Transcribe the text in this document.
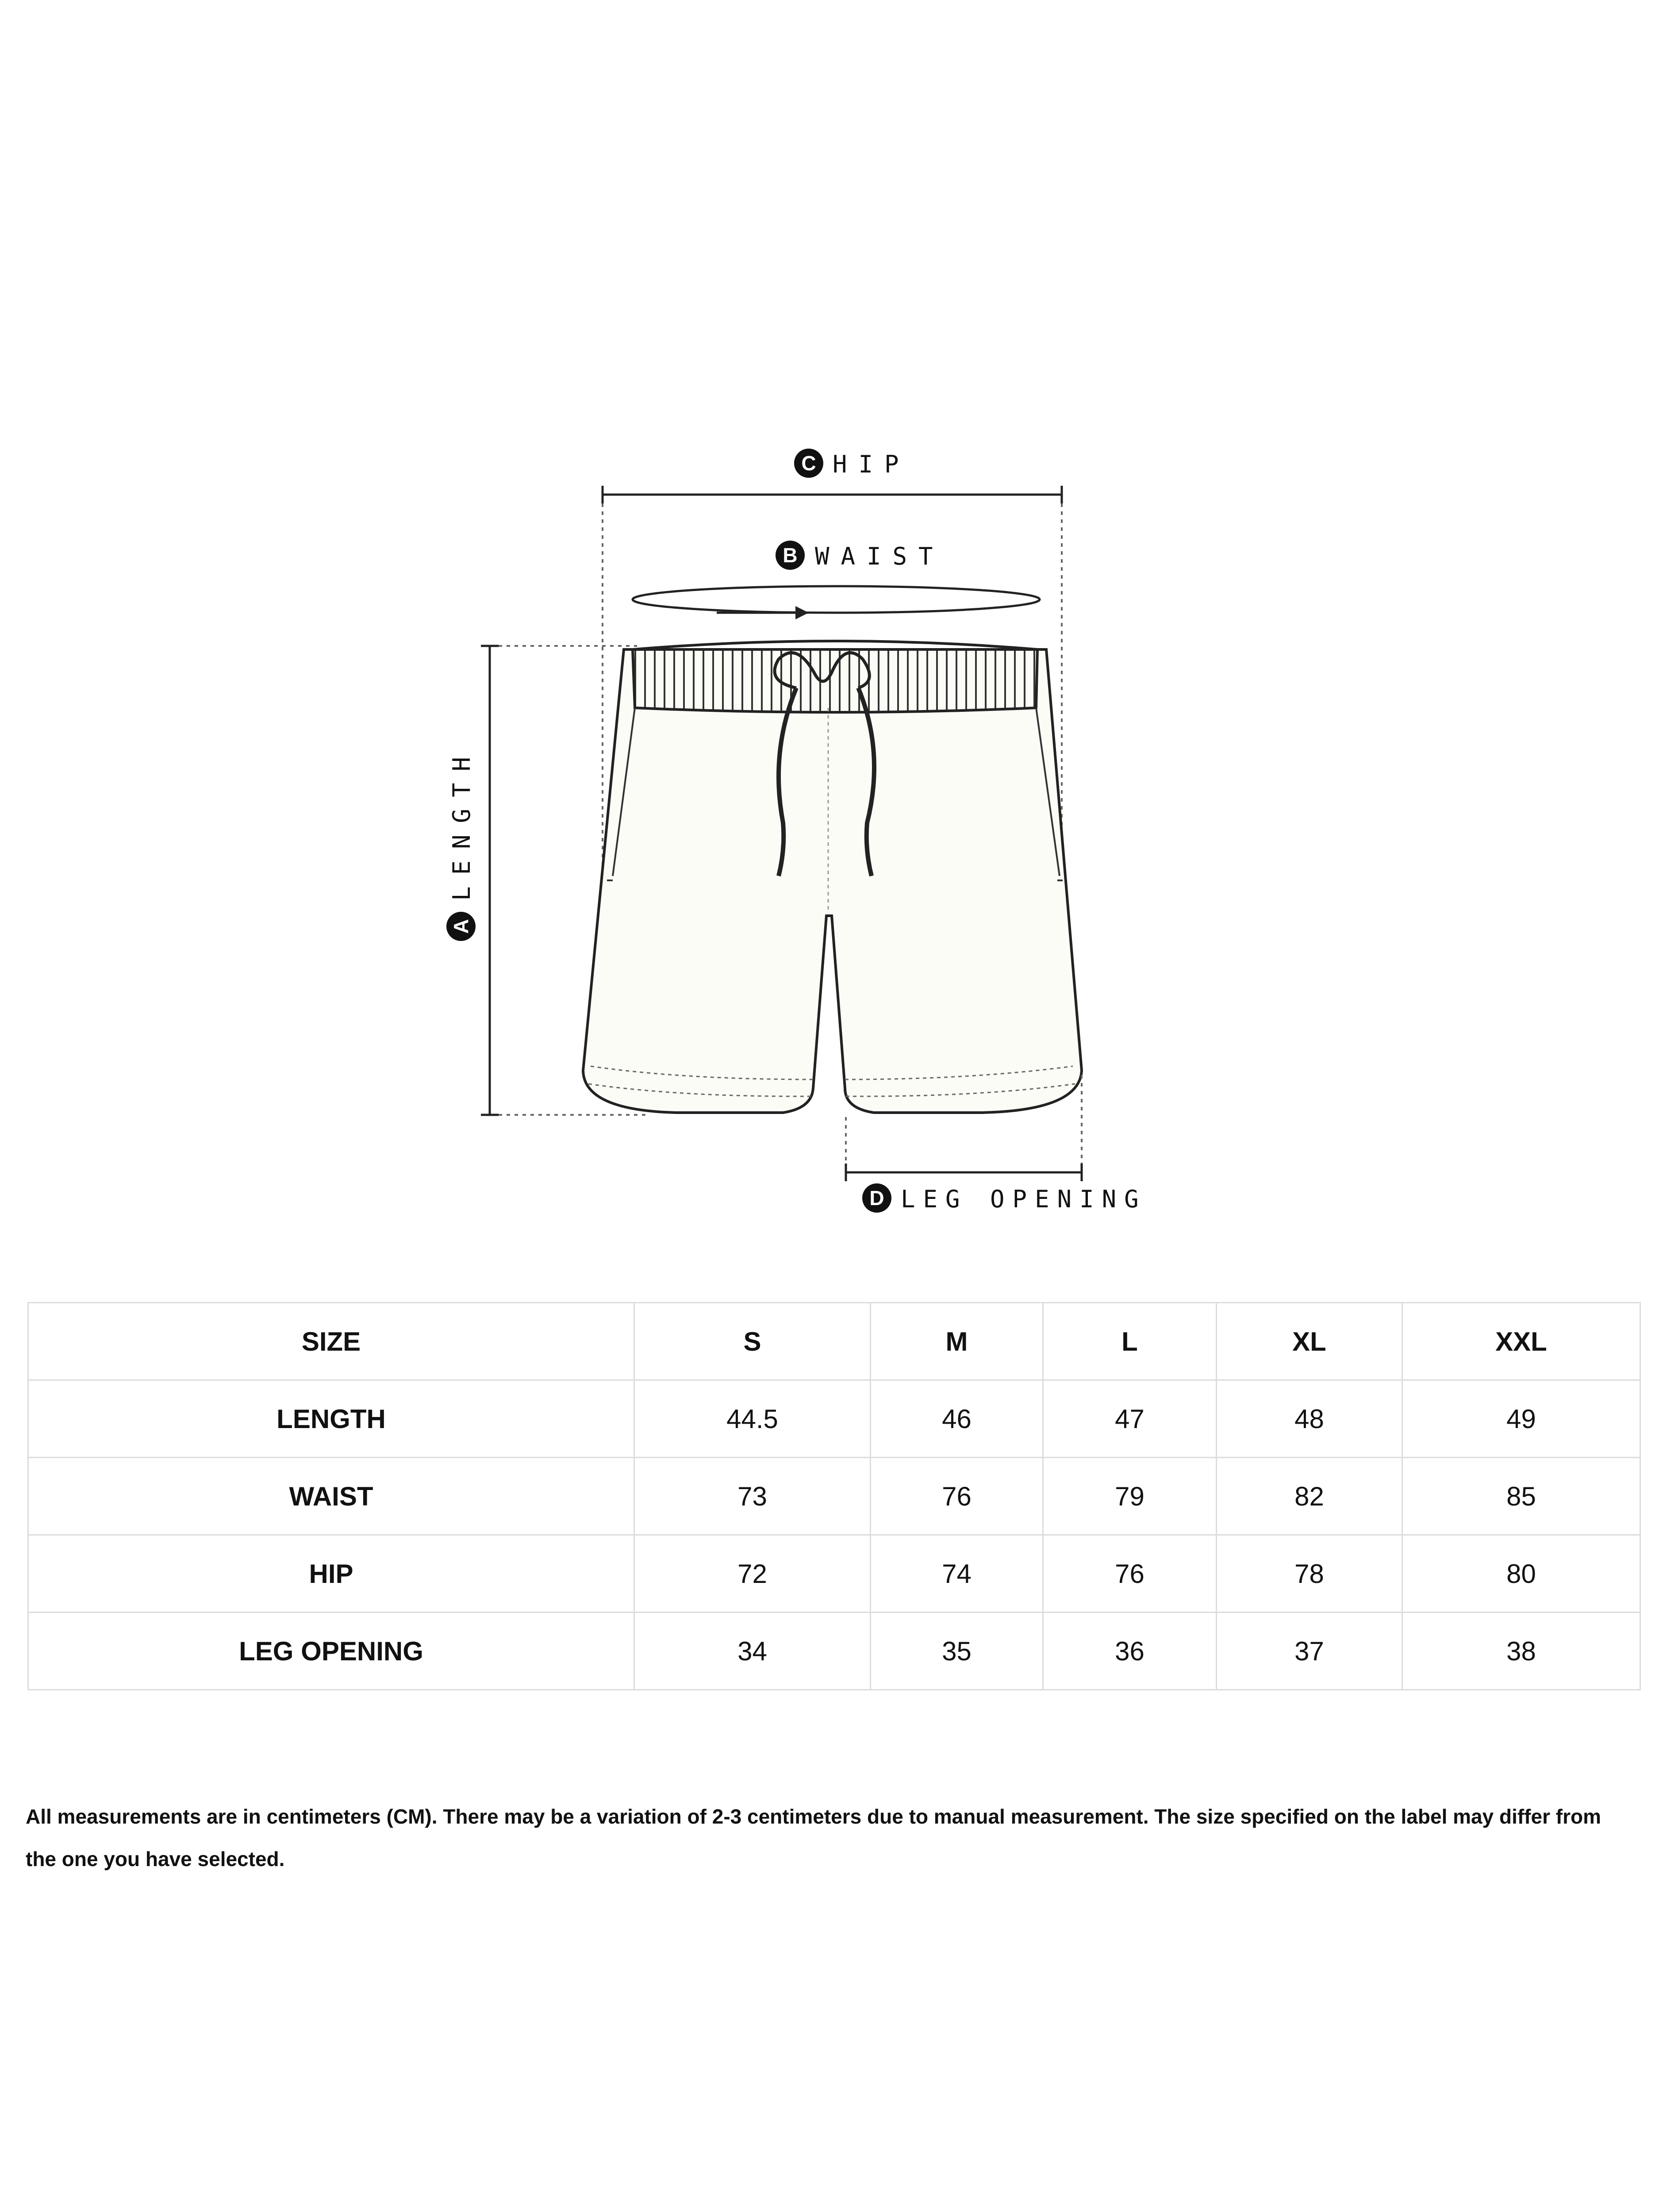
C HIP
B WAIST
A
LENGTH
D LEG OPENING
SIZE	S	M	L	XL	XXL
LENGTH	44.5	46	47	48	49
WAIST	73	76	79	82	85
HIP	72	74	76	78	80
LEG OPENING	34	35	36	37	38

All measurements are in centimeters (CM). There may be a variation of 2-3 centimeters due to manual measurement. The size specified on the label may differ from the one you have selected.
